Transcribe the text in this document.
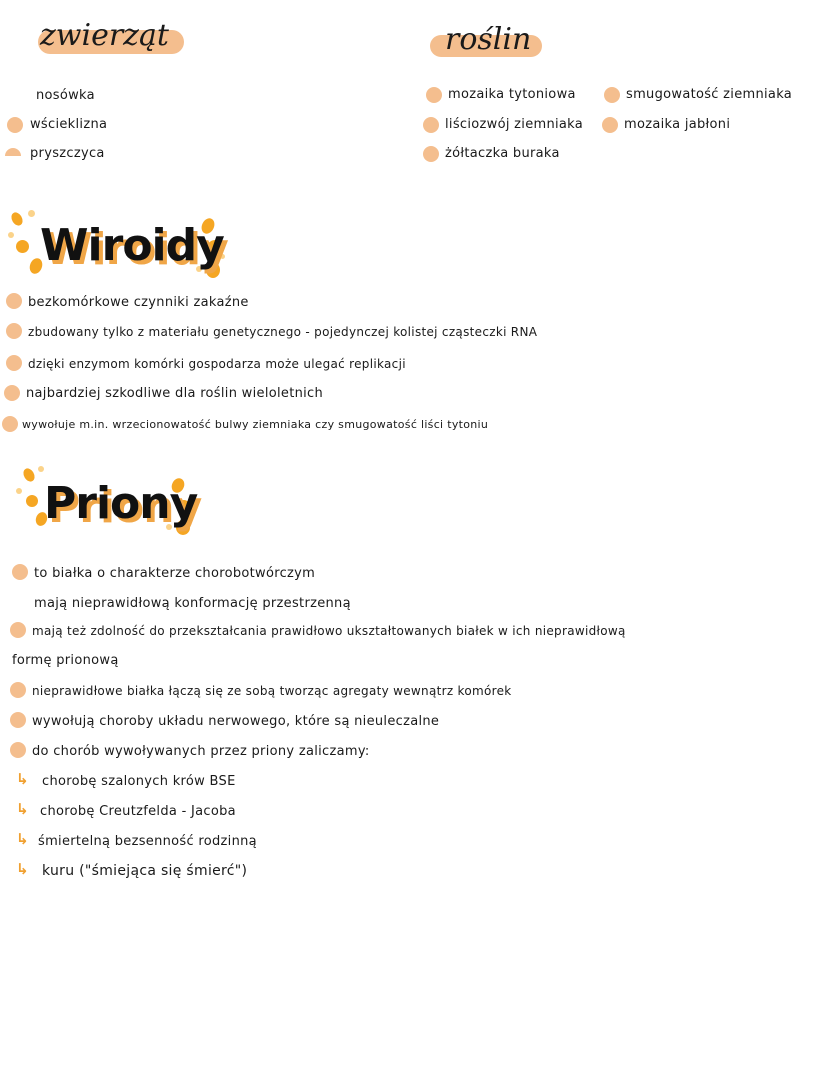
zwierząt
nosówka
wścieklizna
pryszczyca
roślin
mozaika tytoniowa
liściozwój ziemniaka
żółtaczka buraka
smugowatość ziemniaka
mozaika jabłoni
Wiroidy
bezkomórkowe czynniki zakaźne
zbudowany tylko z materiału genetycznego - pojedynczej kolistej cząsteczki RNA
dzięki enzymom komórki gospodarza może ulegać replikacji
najbardziej szkodliwe dla roślin wieloletnich
wywołuje m.in. wrzecionowatość bulwy ziemniaka czy smugowatość liści tytoniu
Priony
to białka o charakterze chorobotwórczym
mają nieprawidłową konformację przestrzenną
mają też zdolność do przekształcania prawidłowo ukształtowanych białek w ich nieprawidłową
formę prionową
nieprawidłowe białka łączą się ze sobą tworząc agregaty wewnątrz komórek
wywołują choroby układu nerwowego, które są nieuleczalne
do chorób wywoływanych przez priony zaliczamy:
↳ chorobę szalonych krów BSE
↳ chorobę Creutzfelda - Jacoba
↳ śmiertelną bezsenność rodzinną
↳ kuru ("śmiejąca się śmierć")
